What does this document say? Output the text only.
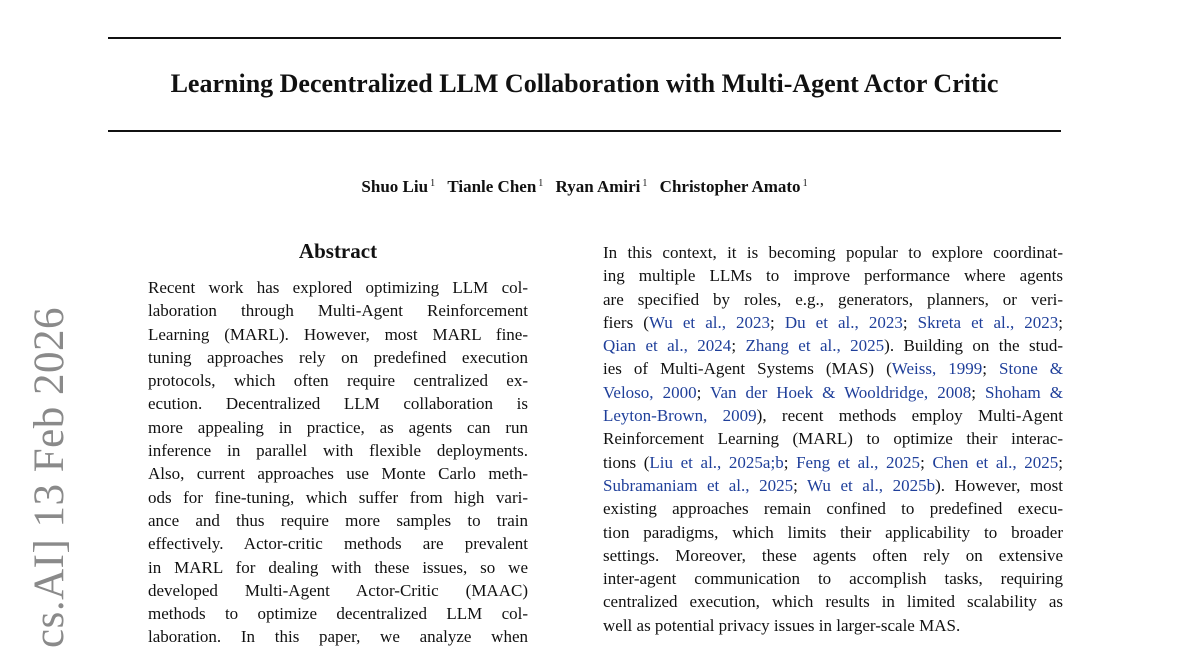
Learning Decentralized LLM Collaboration with Multi-Agent Actor Critic
Shuo Liu $^1$ Tianle Chen $^1$ Ryan Amiri $^1$ Christopher Amato $^1$
cs.AI] 13 Feb 2026
Abstract
Recent work has explored optimizing LLM col-
laboration through Multi-Agent Reinforcement
Learning (MARL). However, most MARL fine-
tuning approaches rely on predefined execution
protocols, which often require centralized ex-
ecution. Decentralized LLM collaboration is
more appealing in practice, as agents can run
inference in parallel with flexible deployments.
Also, current approaches use Monte Carlo meth-
ods for fine-tuning, which suffer from high vari-
ance and thus require more samples to train
effectively. Actor-critic methods are prevalent
in MARL for dealing with these issues, so we
developed Multi-Agent Actor-Critic (MAAC)
methods to optimize decentralized LLM col-
laboration. In this paper, we analyze when
In this context, it is becoming popular to explore coordinat-
ing multiple LLMs to improve performance where agents
are specified by roles, e.g., generators, planners, or veri-
fiers (Wu et al., 2023; Du et al., 2023; Skreta et al., 2023;
Qian et al., 2024; Zhang et al., 2025). Building on the stud-
ies of Multi-Agent Systems (MAS) (Weiss, 1999; Stone &
Veloso, 2000; Van der Hoek & Wooldridge, 2008; Shoham &
Leyton-Brown, 2009), recent methods employ Multi-Agent
Reinforcement Learning (MARL) to optimize their interac-
tions (Liu et al., 2025a;b; Feng et al., 2025; Chen et al., 2025;
Subramaniam et al., 2025; Wu et al., 2025b). However, most
existing approaches remain confined to predefined execu-
tion paradigms, which limits their applicability to broader
settings. Moreover, these agents often rely on extensive
inter-agent communication to accomplish tasks, requiring
centralized execution, which results in limited scalability as
well as potential privacy issues in larger-scale MAS.
